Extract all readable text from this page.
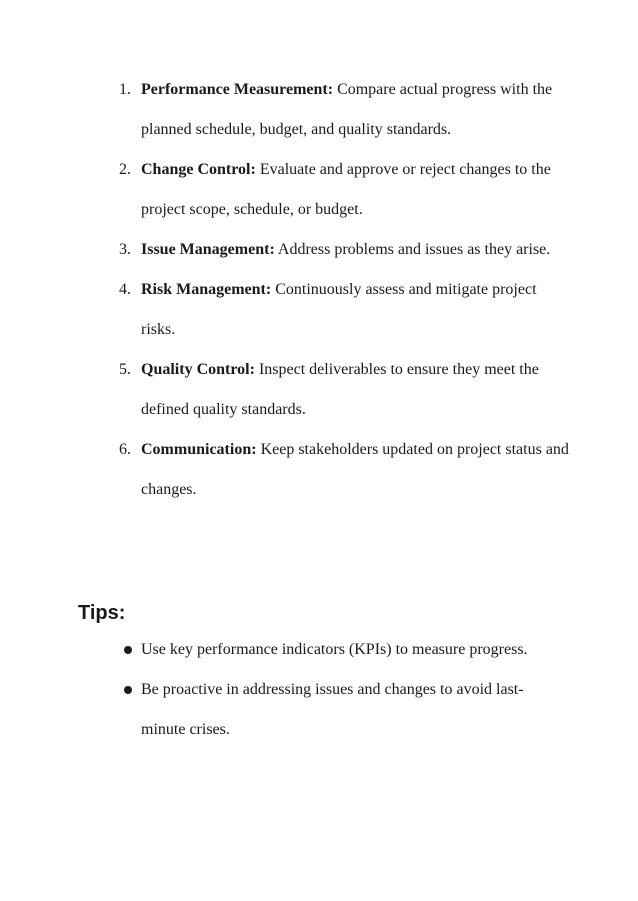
1. Performance Measurement: Compare actual progress with the planned schedule, budget, and quality standards.
2. Change Control: Evaluate and approve or reject changes to the project scope, schedule, or budget.
3. Issue Management: Address problems and issues as they arise.
4. Risk Management: Continuously assess and mitigate project risks.
5. Quality Control: Inspect deliverables to ensure they meet the defined quality standards.
6. Communication: Keep stakeholders updated on project status and changes.
Tips:
Use key performance indicators (KPIs) to measure progress.
Be proactive in addressing issues and changes to avoid last-minute crises.
